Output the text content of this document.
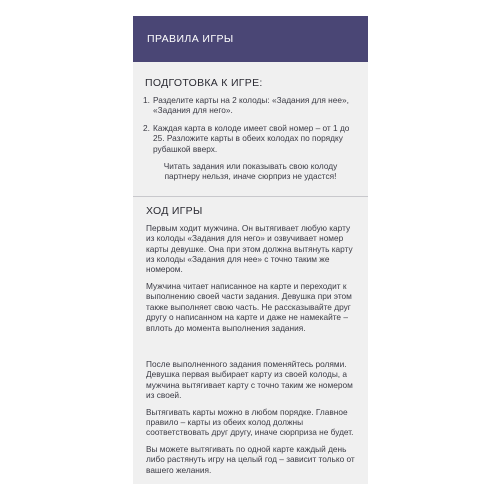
ПРАВИЛА ИГРЫ
ПОДГОТОВКА К ИГРЕ:
1. Разделите карты на 2 колоды: «Задания для нее», «Задания для него».
2. Каждая карта в колоде имеет свой номер – от 1 до 25. Разложите карты в обеих колодах по порядку рубашкой вверх.

Читать задания или показывать свою колоду партнеру нельзя, иначе сюрприз не удастся!

ХОД ИГРЫ

Первым ходит мужчина. Он вытягивает любую карту из колоды «Задания для него» и озвучивает номер карты девушке. Она при этом должна вытянуть карту из колоды «Задания для нее» с точно таким же номером.

Мужчина читает написанное на карте и переходит к выполнению своей части задания. Девушка при этом также выполняет свою часть. Не рассказывайте друг другу о написанном на карте и даже не намекайте – вплоть до момента выполнения задания.

После выполненного задания поменяйтесь ролями. Девушка первая выбирает карту из своей колоды, а мужчина вытягивает карту с точно таким же номером из своей.

Вытягивать карты можно в любом порядке. Главное правило – карты из обеих колод должны соответствовать друг другу, иначе сюрприза не будет.

Вы можете вытягивать по одной карте каждый день либо растянуть игру на целый год – зависит только от вашего желания.
